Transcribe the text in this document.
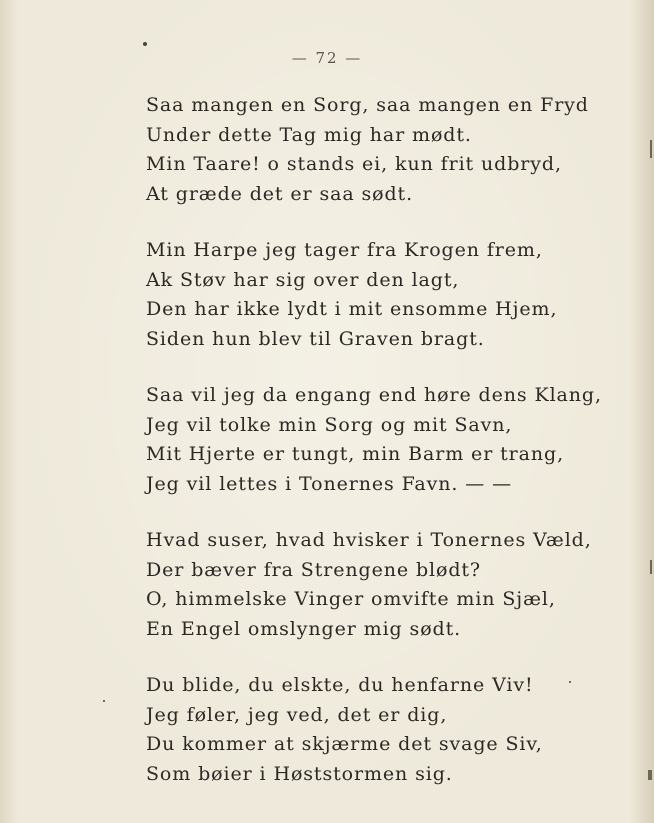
— 72 —
Saa mangen en Sorg, saa mangen en Fryd
Under dette Tag mig har mødt.
Min Taare! o stands ei, kun frit udbryd,
At græde det er saa sødt.
Min Harpe jeg tager fra Krogen frem,
Ak Støv har sig over den lagt,
Den har ikke lydt i mit ensomme Hjem,
Siden hun blev til Graven bragt.
Saa vil jeg da engang end høre dens Klang,
Jeg vil tolke min Sorg og mit Savn,
Mit Hjerte er tungt, min Barm er trang,
Jeg vil lettes i Tonernes Favn. — —
Hvad suser, hvad hvisker i Tonernes Væld,
Der bæver fra Strengene blødt?
O, himmelske Vinger omvifte min Sjæl,
En Engel omslynger mig sødt.
Du blide, du elskte, du henfarne Viv!
Jeg føler, jeg ved, det er dig,
Du kommer at skjærme det svage Siv,
Som bøier i Høststormen sig.
